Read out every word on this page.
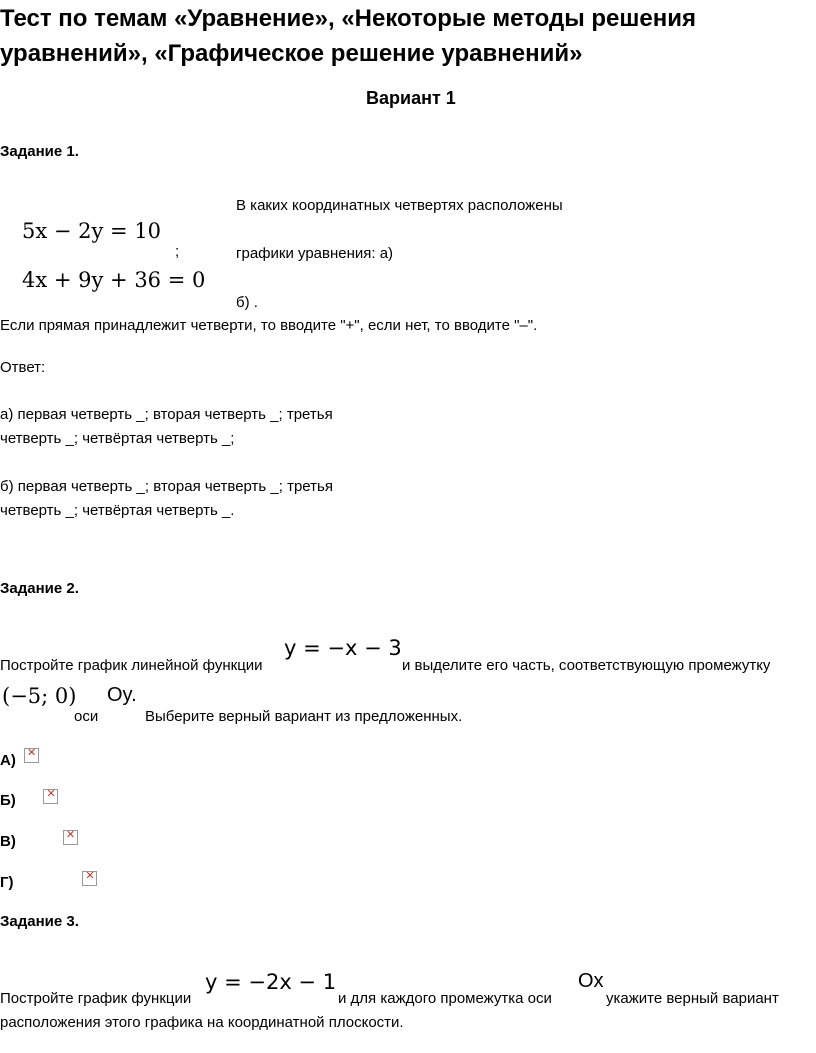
Тест по темам «Уравнение», «Некоторые методы решения
уравнений», «Графическое решение уравнений»
Вариант 1
Задание 1.
В каких координатных четвертях расположены
5x − 2y = 10
;	графики уравнения: а)
4x + 9y + 36 = 0
б) .
Если прямая принадлежит четверти, то вводите "+", если нет, то вводите "–".
Ответ:
а) первая четверть _; вторая четверть _; третья
четверть _; четвёртая четверть _;
б) первая четверть _; вторая четверть _; третья
четверть _; четвёртая четверть _.
Задание 2.
y = −x − 3
Постройте график линейной функции	и выделите его часть, соответствующую промежутку
(−5; 0) Oy.
оси	Выберите верный вариант из предложенных.
А)
✕
Б)
✕
В)
✕
Г)
✕
Задание 3.
y = −2x − 1	Ox
Постройте график функции	и для каждого промежутка оси	укажите верный вариант
расположения этого графика на координатной плоскости.
